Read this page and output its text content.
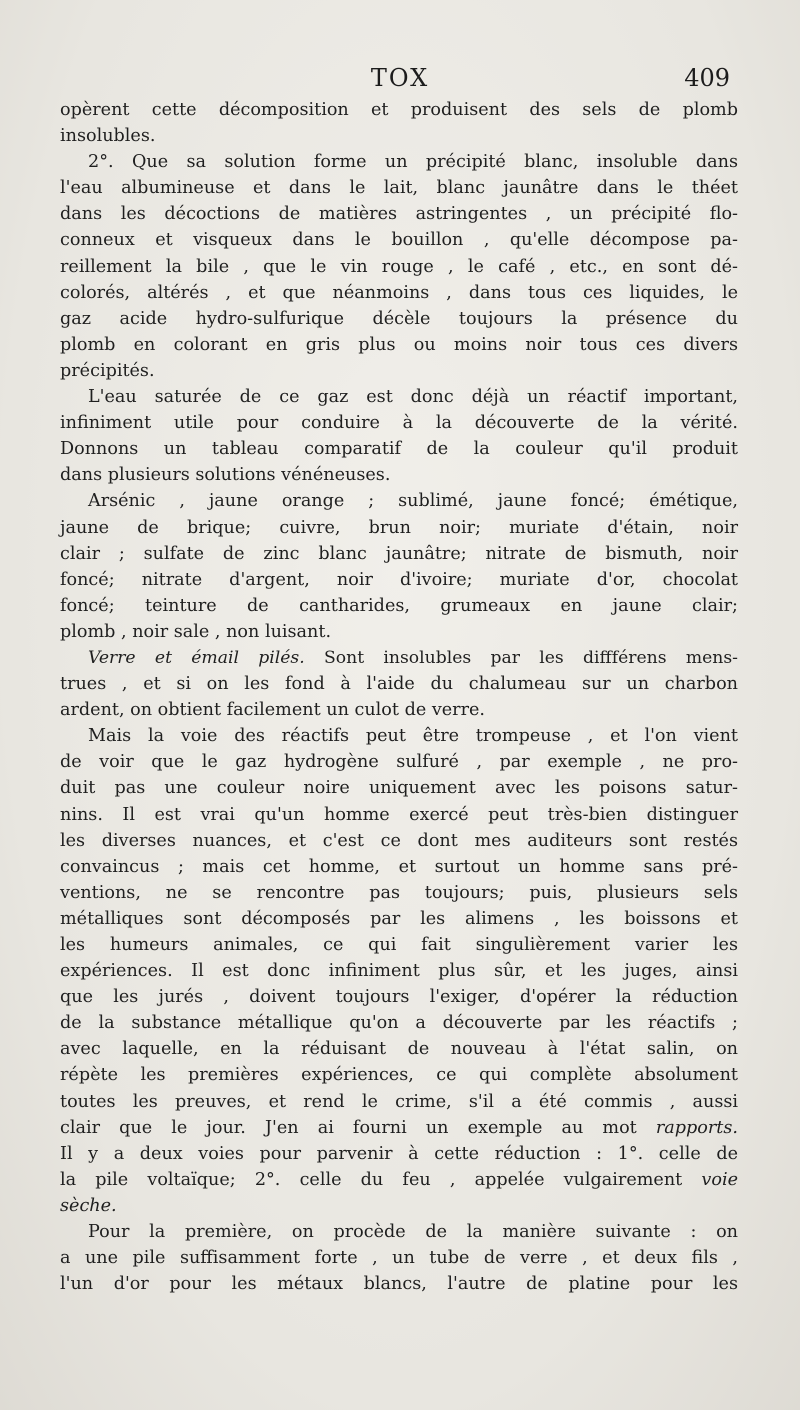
TOX	409
opèrent cette décomposition et produisent des sels de plomb
insolubles.
2°. Que sa solution forme un précipité blanc, insoluble dans
l'eau albumineuse et dans le lait, blanc jaunâtre dans le théet
dans les décoctions de matières astringentes , un précipité flo-
conneux et visqueux dans le bouillon , qu'elle décompose pa-
reillement la bile , que le vin rouge , le café , etc., en sont dé-
colorés, altérés , et que néanmoins , dans tous ces liquides, le
gaz acide hydro-sulfurique décèle toujours la présence du
plomb en colorant en gris plus ou moins noir tous ces divers
précipités.
L'eau saturée de ce gaz est donc déjà un réactif important,
infiniment utile pour conduire à la découverte de la vérité.
Donnons un tableau comparatif de la couleur qu'il produit
dans plusieurs solutions vénéneuses.
Arsénic , jaune orange ; sublimé, jaune foncé; émétique,
jaune de brique; cuivre, brun noir; muriate d'étain, noir
clair ; sulfate de zinc blanc jaunâtre; nitrate de bismuth, noir
foncé; nitrate d'argent, noir d'ivoire; muriate d'or, chocolat
foncé; teinture de cantharides, grumeaux en jaune clair;
plomb , noir sale , non luisant.
Verre et émail pilés. Sont insolubles par les diffférens mens-
trues , et si on les fond à l'aide du chalumeau sur un charbon
ardent, on obtient facilement un culot de verre.
Mais la voie des réactifs peut être trompeuse , et l'on vient
de voir que le gaz hydrogène sulfuré , par exemple , ne pro-
duit pas une couleur noire uniquement avec les poisons satur-
nins. Il est vrai qu'un homme exercé peut très-bien distinguer
les diverses nuances, et c'est ce dont mes auditeurs sont restés
convaincus ; mais cet homme, et surtout un homme sans pré-
ventions, ne se rencontre pas toujours; puis, plusieurs sels
métalliques sont décomposés par les alimens , les boissons et
les humeurs animales, ce qui fait singulièrement varier les
expériences. Il est donc infiniment plus sûr, et les juges, ainsi
que les jurés , doivent toujours l'exiger, d'opérer la réduction
de la substance métallique qu'on a découverte par les réactifs ;
avec laquelle, en la réduisant de nouveau à l'état salin, on
répète les premières expériences, ce qui complète absolument
toutes les preuves, et rend le crime, s'il a été commis , aussi
clair que le jour. J'en ai fourni un exemple au mot rapports.
Il y a deux voies pour parvenir à cette réduction : 1°. celle de
la pile voltaïque; 2°. celle du feu , appelée vulgairement voie
sèche.
Pour la première, on procède de la manière suivante : on
a une pile suffisamment forte , un tube de verre , et deux fils ,
l'un d'or pour les métaux blancs, l'autre de platine pour les
